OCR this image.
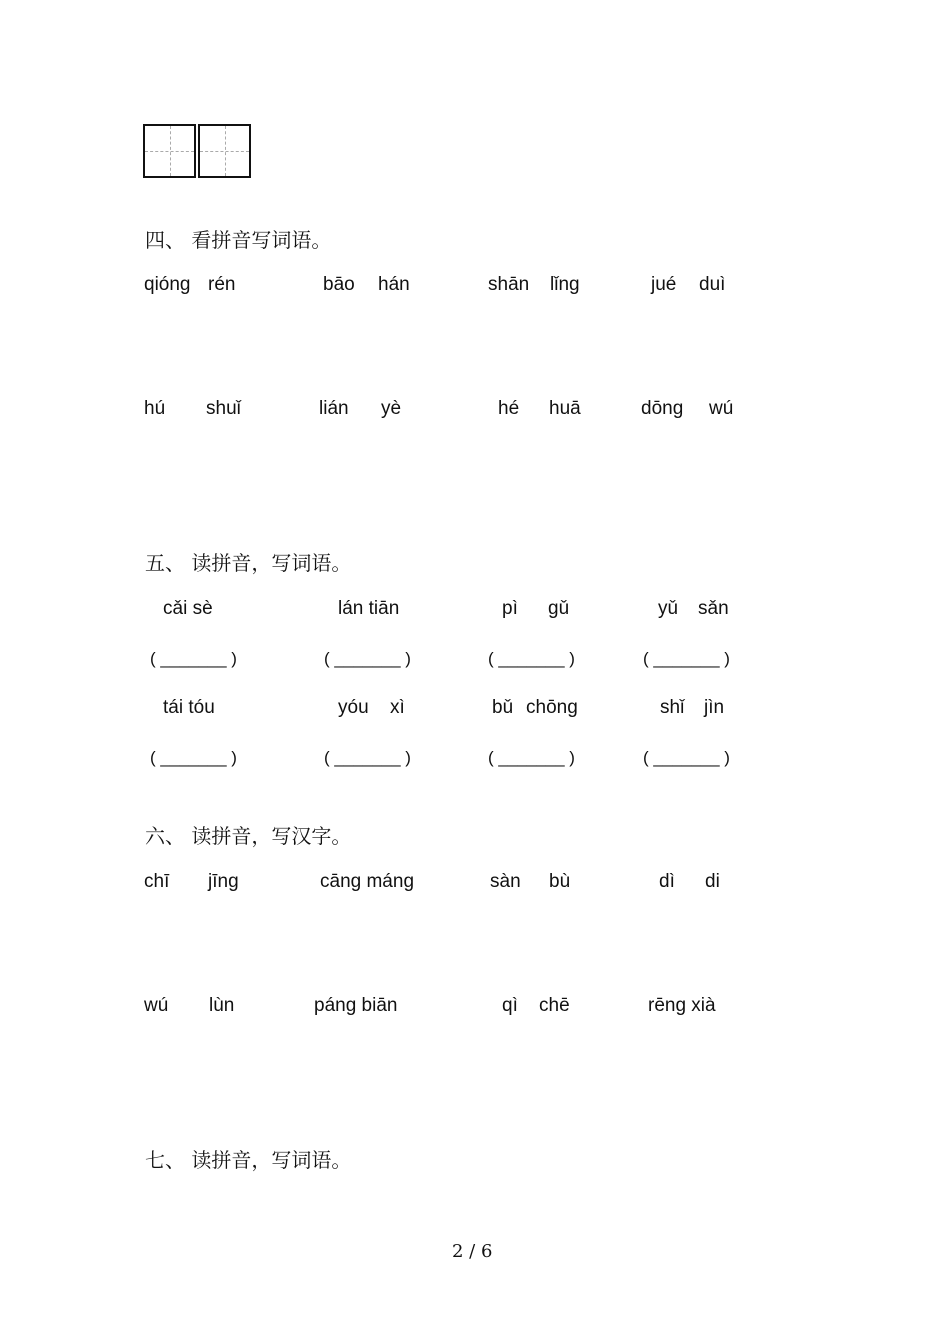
四、 看拼音写词语。
qióng rén	bāo hán	shān lǐng	jué duì
hú shuǐ	lián yè	hé huā	dōng wú
五、 读拼音，写词语。
cǎi sè	lán tiān	pì gǔ	yǔ sǎn
( _______ )	( _______ )	( _______ )	( _______ )
tái tóu	yóu xì	bǔ chōng	shǐ jìn
( _______ )	( _______ )	( _______ )	( _______ )
六、 读拼音，写汉字。
chī jīng	cāng máng	sàn bù	dì di
wú lùn	páng biān	qì chē	rēng xià
七、 读拼音，写词语。
2 / 6
